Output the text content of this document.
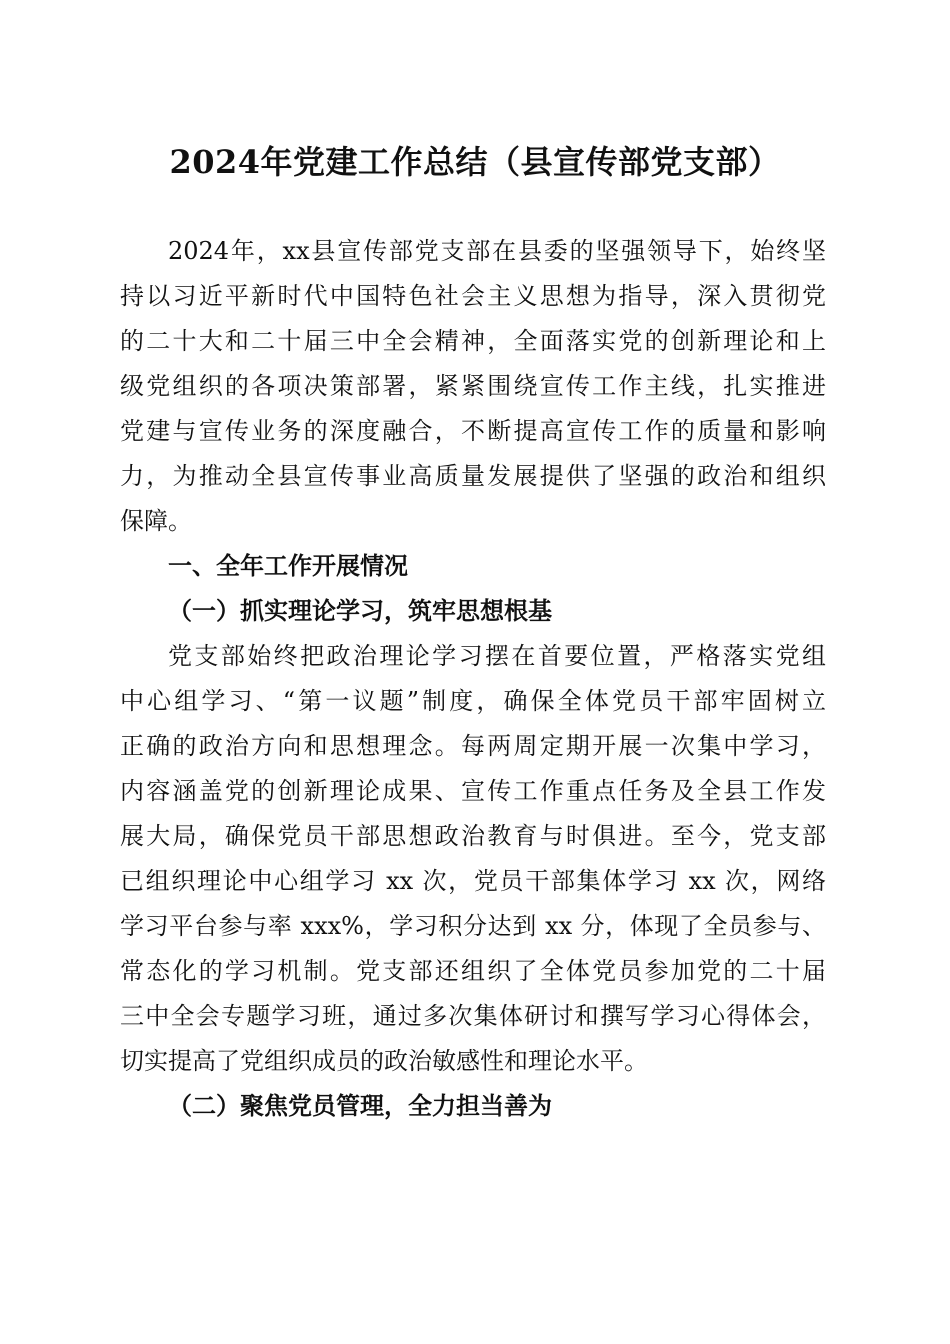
2024年党建工作总结（县宣传部党支部）
2024年，xx县宣传部党支部在县委的坚强领导下，始终坚
持以习近平新时代中国特色社会主义思想为指导，深入贯彻党
的二十大和二十届三中全会精神，全面落实党的创新理论和上
级党组织的各项决策部署，紧紧围绕宣传工作主线，扎实推进
党建与宣传业务的深度融合，不断提高宣传工作的质量和影响
力，为推动全县宣传事业高质量发展提供了坚强的政治和组织
保障。
一、全年工作开展情况
（一）抓实理论学习，筑牢思想根基
党支部始终把政治理论学习摆在首要位置，严格落实党组
中心组学习、“第一议题”制度，确保全体党员干部牢固树立
正确的政治方向和思想理念。每两周定期开展一次集中学习，
内容涵盖党的创新理论成果、宣传工作重点任务及全县工作发
展大局，确保党员干部思想政治教育与时俱进。至今，党支部
已组织理论中心组学习 xx 次，党员干部集体学习 xx 次，网络
学习平台参与率 xxx%，学习积分达到 xx 分，体现了全员参与、
常态化的学习机制。党支部还组织了全体党员参加党的二十届
三中全会专题学习班，通过多次集体研讨和撰写学习心得体会，
切实提高了党组织成员的政治敏感性和理论水平。
（二）聚焦党员管理，全力担当善为
